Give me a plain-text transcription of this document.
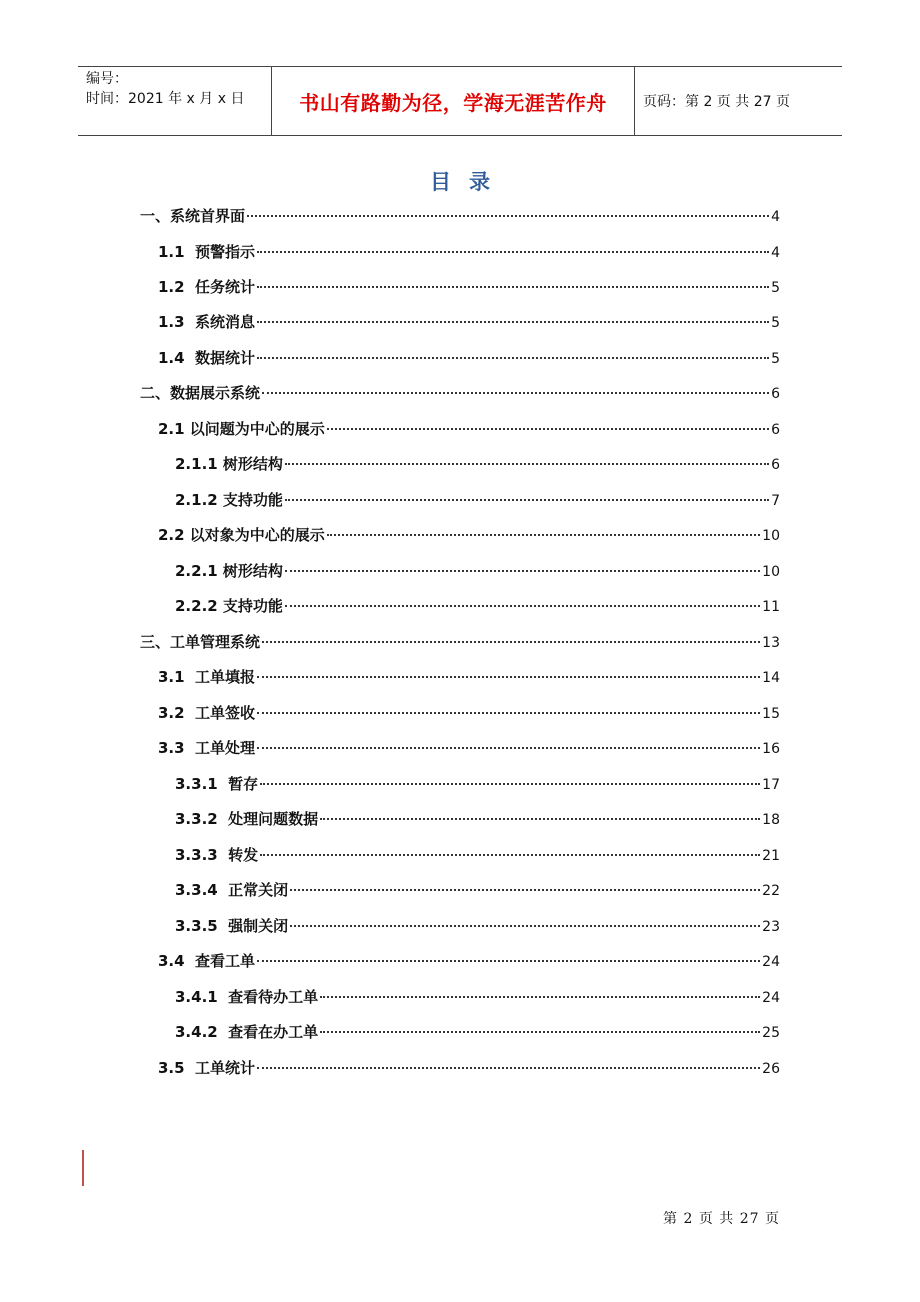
编号：
时间：2021 年 x 月 x 日	书山有路勤为径，学海无涯苦作舟	页码：第 2 页 共 27 页
目录
一、系统首界面	4
1.1  预警指示	4
1.2  任务统计	5
1.3  系统消息	5
1.4  数据统计	5
二、数据展示系统	6
2.1 以问题为中心的展示	6
2.1.1 树形结构	6
2.1.2 支持功能	7
2.2 以对象为中心的展示	10
2.2.1 树形结构	10
2.2.2 支持功能	11
三、工单管理系统	13
3.1  工单填报	14
3.2  工单签收	15
3.3  工单处理	16
3.3.1  暂存	17
3.3.2  处理问题数据	18
3.3.3  转发	21
3.3.4  正常关闭	22
3.3.5  强制关闭	23
3.4  查看工单	24
3.4.1  查看待办工单	24
3.4.2  查看在办工单	25
3.5  工单统计	26
第 2 页 共 27 页
